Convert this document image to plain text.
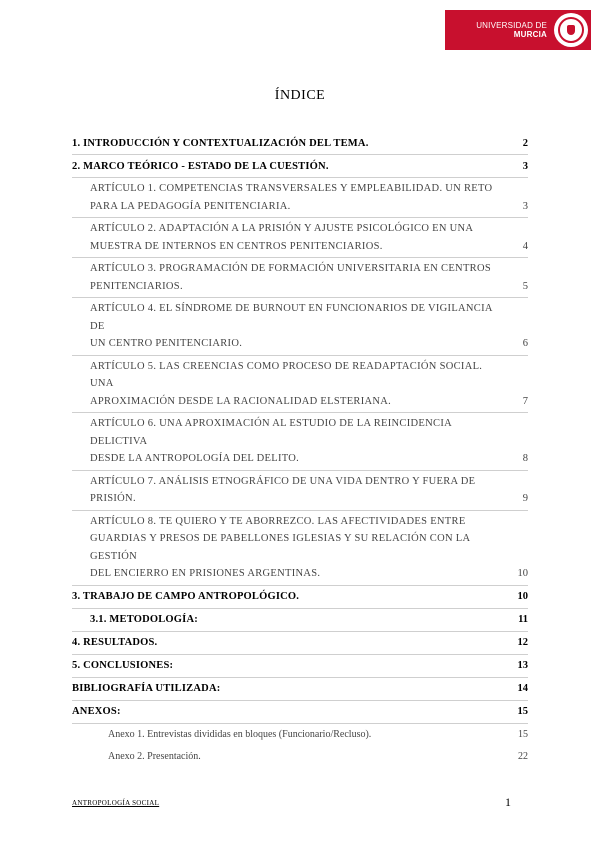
UNIVERSIDAD DE
MURCIA
ÍNDICE
1. INTRODUCCIÓN Y CONTEXTUALIZACIÓN DEL TEMA.	2
2. MARCO TEÓRICO - ESTADO DE LA CUESTIÓN.	3
ARTÍCULO 1. COMPETENCIAS TRANSVERSALES Y EMPLEABILIDAD. UN RETO
PARA LA PEDAGOGÍA PENITENCIARIA.	3
ARTÍCULO 2. ADAPTACIÓN A LA PRISIÓN Y AJUSTE PSICOLÓGICO EN UNA
MUESTRA DE INTERNOS EN CENTROS PENITENCIARIOS.	4
ARTÍCULO 3. PROGRAMACIÓN DE FORMACIÓN UNIVERSITARIA EN CENTROS
PENITENCIARIOS.	5
ARTÍCULO 4. EL SÍNDROME DE BURNOUT EN FUNCIONARIOS DE VIGILANCIA DE
UN CENTRO PENITENCIARIO.	6
ARTÍCULO 5. LAS CREENCIAS COMO PROCESO DE READAPTACIÓN SOCIAL. UNA
APROXIMACIÓN DESDE LA RACIONALIDAD ELSTERIANA.	7
ARTÍCULO 6. UNA APROXIMACIÓN AL ESTUDIO DE LA REINCIDENCIA DELICTIVA
DESDE LA ANTROPOLOGÍA DEL DELITO.	8
ARTÍCULO 7. ANÁLISIS ETNOGRÁFICO DE UNA VIDA DENTRO Y FUERA DE
PRISIÓN.	9
ARTÍCULO 8. TE QUIERO Y TE ABORREZCO. LAS AFECTIVIDADES ENTRE
GUARDIAS Y PRESOS DE PABELLONES IGLESIAS Y SU RELACIÓN CON LA GESTIÓN
DEL ENCIERRO EN PRISIONES ARGENTINAS.	10
3. TRABAJO DE CAMPO ANTROPOLÓGICO.	10
3.1. METODOLOGÍA:	11
4. RESULTADOS.	12
5. CONCLUSIONES:	13
BIBLIOGRAFÍA UTILIZADA:	14
ANEXOS:	15
Anexo 1. Entrevistas divididas en bloques (Funcionario/Recluso).	15
Anexo 2. Presentación.	22
ANTROPOLOGÍA SOCIAL	1
